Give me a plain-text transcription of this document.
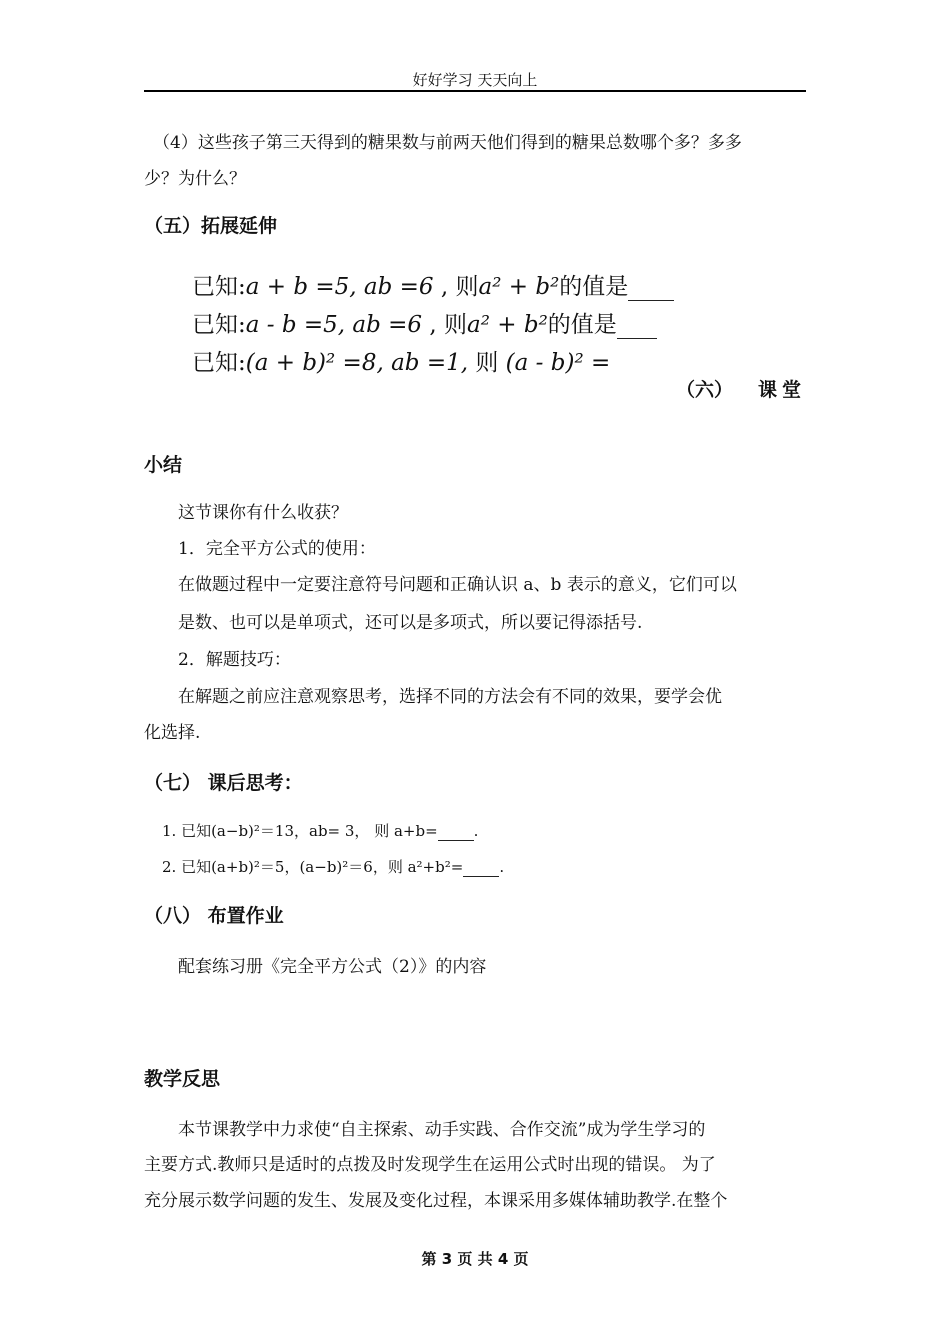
好好学习 天天向上
（4）这些孩子第三天得到的糖果数与前两天他们得到的糖果总数哪个多？多多
少？为什么？
（五）拓展延伸
已知:a + b =5, ab =6 , 则a² + b²的值是
已知:a - b =5, ab =6 , 则a² + b²的值是
已知:(a + b)² =8, ab =1, 则 (a - b)² =
（六） 课堂
小结
这节课你有什么收获？
1．完全平方公式的使用：
在做题过程中一定要注意符号问题和正确认识 a、b 表示的意义，它们可以
是数、也可以是单项式，还可以是多项式，所以要记得添括号.
2．解题技巧：
在解题之前应注意观察思考，选择不同的方法会有不同的效果，要学会优
化选择.
（七） 课后思考：
1. 已知(a−b)²＝13，ab= 3， 则 a+b= .
2. 已知(a+b)²＝5，(a−b)²＝6，则 a²+b²= .
（八） 布置作业
配套练习册《完全平方公式（2）》的内容
教学反思
本节课教学中力求使“自主探索、动手实践、合作交流”成为学生学习的
主要方式.教师只是适时的点拨及时发现学生在运用公式时出现的错误。 为了
充分展示数学问题的发生、发展及变化过程，本课采用多媒体辅助教学.在整个
第 3 页 共 4 页
